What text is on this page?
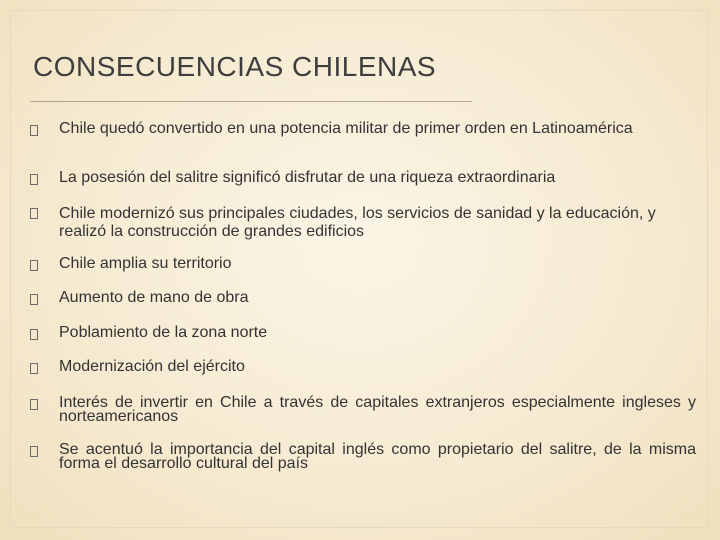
CONSECUENCIAS CHILENAS
Chile quedó convertido en una potencia militar de primer orden en Latinoamérica
La posesión del salitre significó disfrutar de una riqueza extraordinaria
Chile modernizó sus principales ciudades, los servicios de sanidad y la educación, y realizó la construcción de grandes edificios
Chile amplia su territorio
Aumento de mano de obra
Poblamiento de la zona norte
Modernización del ejército
Interés de invertir en Chile a través de capitales extranjeros especialmente ingleses y norteamericanos
Se acentuó la importancia del capital inglés como propietario del salitre, de la misma forma el desarrollo cultural del país
